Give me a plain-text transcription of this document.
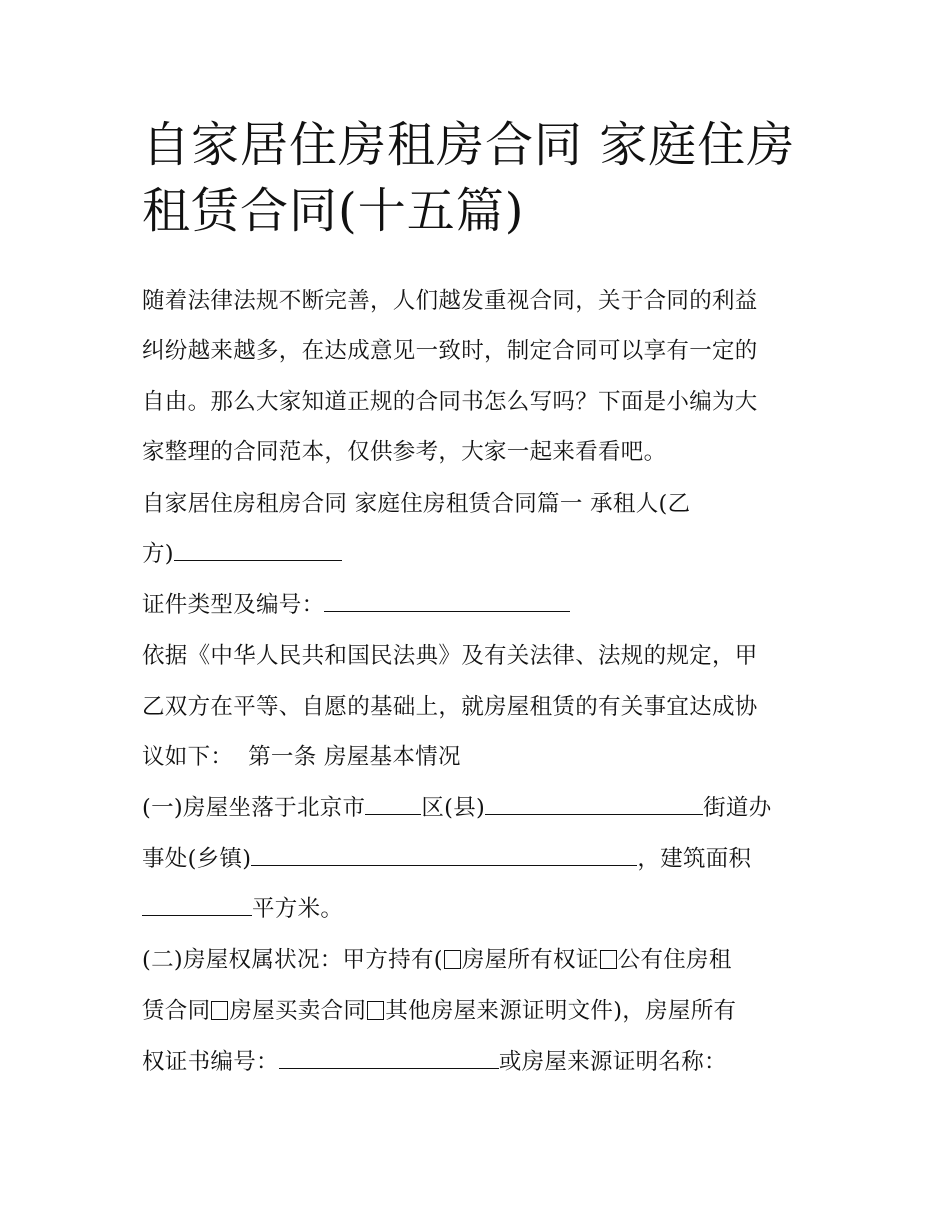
自家居住房租房合同 家庭住房租赁合同(十五篇)
随着法律法规不断完善，人们越发重视合同，关于合同的利益
纠纷越来越多，在达成意见一致时，制定合同可以享有一定的
自由。那么大家知道正规的合同书怎么写吗？下面是小编为大
家整理的合同范本，仅供参考，大家一起来看看吧。
自家居住房租房合同 家庭住房租赁合同篇一 承租人(乙
方)
证件类型及编号：
依据《中华人民共和国民法典》及有关法律、法规的规定，甲
乙双方在平等、自愿的基础上，就房屋租赁的有关事宜达成协
议如下：  第一条 房屋基本情况
(一)房屋坐落于北京市 区(县)	街道办
事处(乡镇)	，建筑面积
平方米。
(二)房屋权属状况：甲方持有( 房屋所有权证 公有住房租
赁合同 房屋买卖合同 其他房屋来源证明文件)，房屋所有
权证书编号：	或房屋来源证明名称：
